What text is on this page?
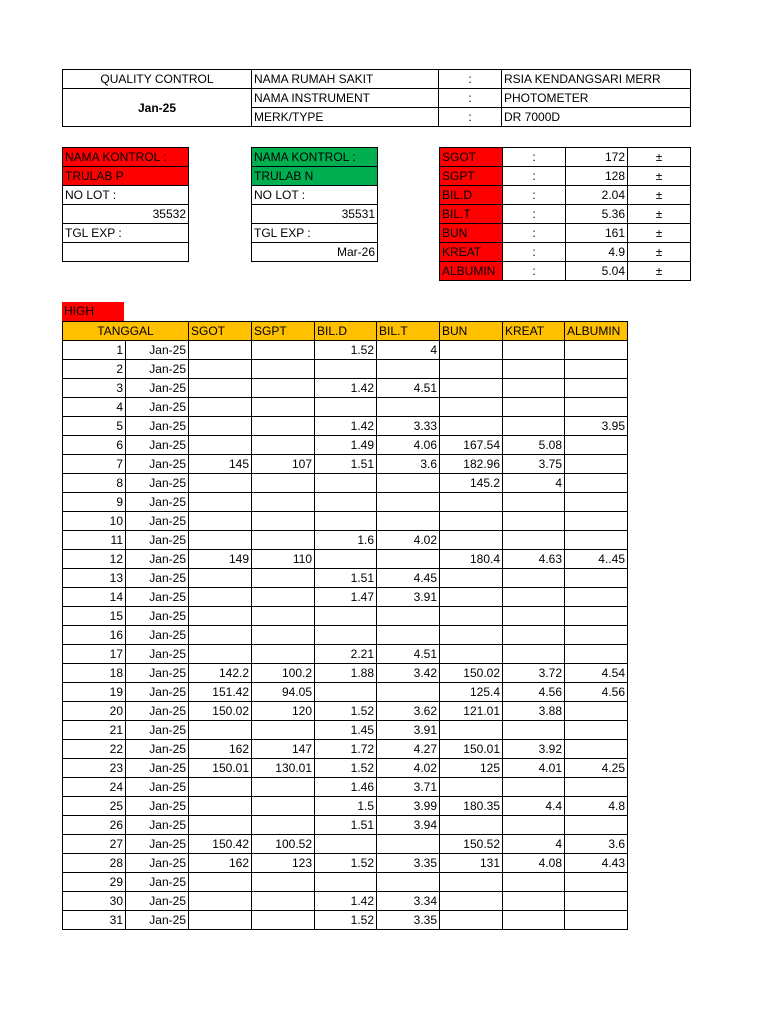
QUALITY CONTROL	NAMA RUMAH SAKIT	:	RSIA KENDANGSARI MERR
Jan-25	NAMA INSTRUMENT	:	PHOTOMETER
	MERK/TYPE	:	DR 7000D
NAMA KONTROL :
TRULAB P
NO LOT :
35532
TGL EXP :

NAMA KONTROL :
TRULAB N
NO LOT :
35531
TGL EXP :
Mar-26
SGOT	:	172	±
SGPT	:	128	±
BIL.D	:	2.04	±
BIL.T	:	5.36	±
BUN	:	161	±
KREAT	:	4.9	±
ALBUMIN	:	5.04	±
HIGH
TANGGAL		SGOT	SGPT	BIL.D	BIL.T	BUN	KREAT	ALBUMIN
1	Jan-25			1.52	4			
2	Jan-25							
3	Jan-25			1.42	4.51			
4	Jan-25							
5	Jan-25			1.42	3.33			3.95
6	Jan-25			1.49	4.06	167.54	5.08	
7	Jan-25	145	107	1.51	3.6	182.96	3.75	
8	Jan-25					145.2	4	
9	Jan-25							
10	Jan-25							
11	Jan-25			1.6	4.02			
12	Jan-25	149	110			180.4	4.63	4..45
13	Jan-25			1.51	4.45			
14	Jan-25			1.47	3.91			
15	Jan-25							
16	Jan-25							
17	Jan-25			2.21	4.51			
18	Jan-25	142.2	100.2	1.88	3.42	150.02	3.72	4.54
19	Jan-25	151.42	94.05			125.4	4.56	4.56
20	Jan-25	150.02	120	1.52	3.62	121.01	3.88	
21	Jan-25			1.45	3.91			
22	Jan-25	162	147	1.72	4.27	150.01	3.92	
23	Jan-25	150.01	130.01	1.52	4.02	125	4.01	4.25
24	Jan-25			1.46	3.71			
25	Jan-25			1.5	3.99	180.35	4.4	4.8
26	Jan-25			1.51	3.94			
27	Jan-25	150.42	100.52			150.52	4	3.6
28	Jan-25	162	123	1.52	3.35	131	4.08	4.43
29	Jan-25							
30	Jan-25			1.42	3.34			
31	Jan-25			1.52	3.35			
